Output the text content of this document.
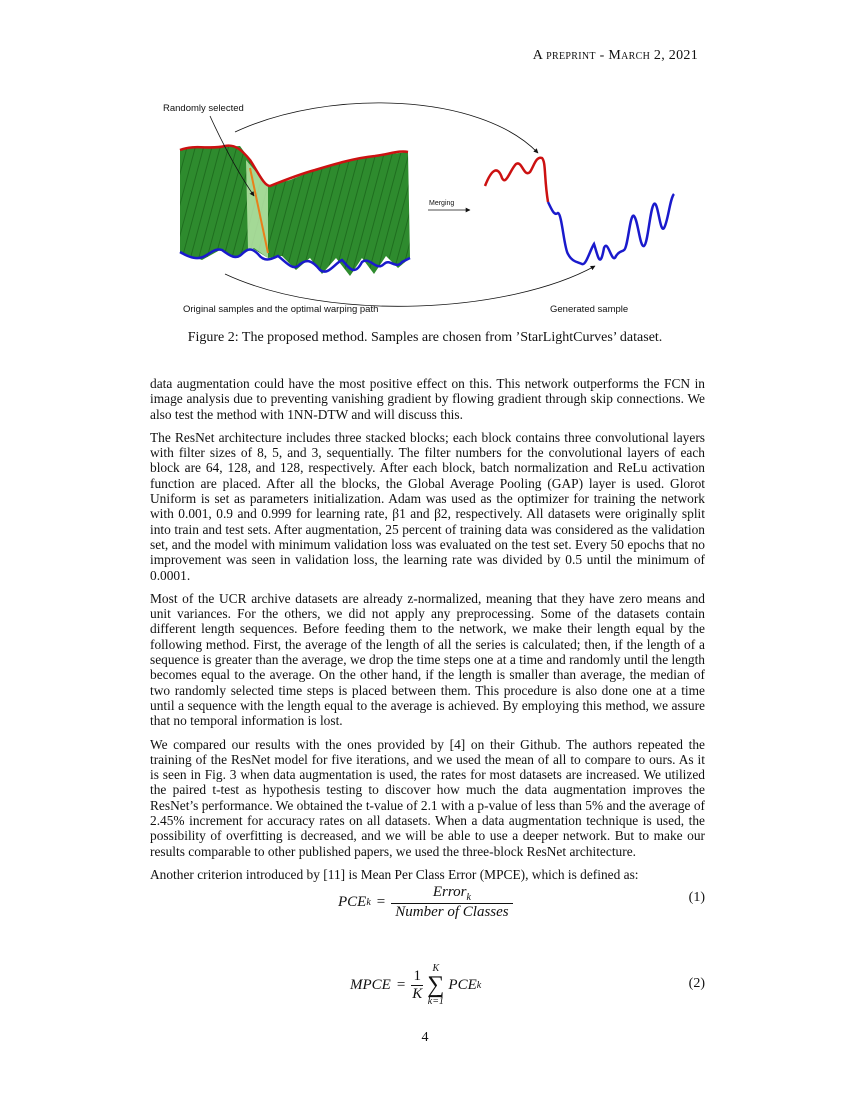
A preprint - March 2, 2021
Randomly selected
Merging
Original samples and the optimal warping path	Generated sample
Figure 2: The proposed method. Samples are chosen from ’StarLightCurves’ dataset.

data augmentation could have the most positive effect on this. This network outperforms the FCN in image analysis due to preventing vanishing gradient by flowing gradient through skip connections. We also test the method with 1NN-DTW and will discuss this.

The ResNet architecture includes three stacked blocks; each block contains three convolutional layers with filter sizes of 8, 5, and 3, sequentially. The filter numbers for the convolutional layers of each block are 64, 128, and 128, respectively. After each block, batch normalization and ReLu activation function are placed. After all the blocks, the Global Average Pooling (GAP) layer is used. Glorot Uniform is set as parameters initialization. Adam was used as the optimizer for training the network with 0.001, 0.9 and 0.999 for learning rate, β1 and β2, respectively. All datasets were originally split into train and test sets. After augmentation, 25 percent of training data was considered as the validation set, and the model with minimum validation loss was evaluated on the test set. Every 50 epochs that no improvement was seen in validation loss, the learning rate was divided by 0.5 until the minimum of 0.0001.

Most of the UCR archive datasets are already z-normalized, meaning that they have zero means and unit variances. For the others, we did not apply any preprocessing. Some of the datasets contain different length sequences. Before feeding them to the network, we make their length equal by the following method. First, the average of the length of all the series is calculated; then, if the length of a sequence is greater than the average, we drop the time steps one at a time and randomly until the length becomes equal to the average. On the other hand, if the length is smaller than average, the median of two randomly selected time steps is placed between them. This procedure is also done one at a time until a sequence with the length equal to the average is achieved. By employing this method, we assure that no temporal information is lost.

We compared our results with the ones provided by [4] on their Github. The authors repeated the training of the ResNet model for five iterations, and we used the mean of all to compare to ours. As it is seen in Fig. 3 when data augmentation is used, the rates for most datasets are increased. We utilized the paired t-test as hypothesis testing to discover how much the data augmentation improves the ResNet’s performance. We obtained the t-value of 2.1 with a p-value of less than 5% and the average of 2.45% increment for accuracy rates on all datasets. When a data augmentation technique is used, the possibility of overfitting is decreased, and we will be able to use a deeper network. But to make our results comparable to other published papers, we used the three-block ResNet architecture.

Another criterion introduced by [11] is Mean Per Class Error (MPCE), which is defined as:

PCE k =
Error$_k$
Number of Classes
(1)
MPCE =
1
K
K
∑
k=1
PCE k	(2)
4
